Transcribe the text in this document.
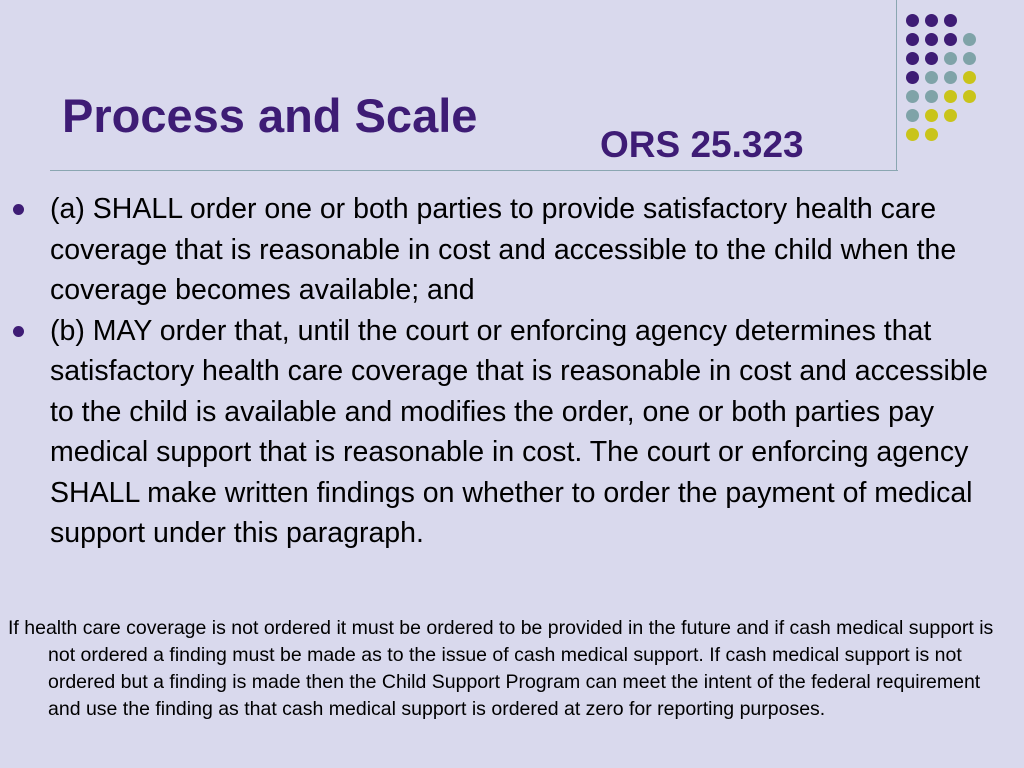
Process and Scale
ORS 25.323
(a) SHALL order one or both parties to provide satisfactory health care coverage that is reasonable in cost and accessible to the child when the coverage becomes available; and
(b) MAY order that, until the court or enforcing agency determines that satisfactory health care coverage that is reasonable in cost and accessible to the child is available and modifies the order, one or both parties pay medical support that is reasonable in cost. The court or enforcing agency SHALL make written findings on whether to order the payment of medical support under this paragraph.

If health care coverage is not ordered it must be ordered to be provided in the future and if cash medical support is not ordered a finding must be made as to the issue of cash medical support. If cash medical support is not ordered but a finding is made then the Child Support Program can meet the intent of the federal requirement and use the finding as that cash medical support is ordered at zero for reporting purposes.
